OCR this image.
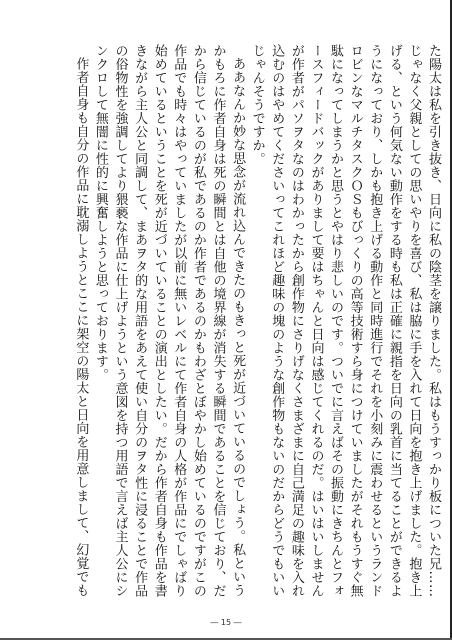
た陽太は私を引き抜き、日向に私の陰茎を譲りました。私はもうすっかり板についた兄……じゃなく父親としての思いやりを喜び、私は脇に手を入れて日向を抱き上げました。抱き上げる、という何気ない動作をする時も私は正確に親指を日向の乳首に当てることができるようになっており、しかも抱き上げる動作と同時進行でそれを小刻みに震わせるというランドロビンなマルチタスクＯＳもびっくりの高等技術すら身につけていましたがそれもうすぐ無駄になってしまうかと思うとやはり悲しいのです。ついでに言えばその振動にきちんとフォースフィードバックがありまして要はちゃんと日向は感じてくれるのだ。はいはいしませんが作者がパソヲタなのはわかったから創作物にさりげなくさまざまに自己満足の趣味を入れ込むのはやめてくださいってこれほど趣味の塊のような創作物もないのだからどうでもいいじゃんそうですか。

ああなんか妙な思念が流れ込んできたのもきっと死が近づいているのでしょう。私というかもろに作者自身は死の瞬間とは自他の境界線が消失する瞬間であることを信じており、だから信じているのが私であるのか作者であるのかもわざとぼやかし始めているのですがこの作品でも時々はやっていましたが以前に無いレベルにて作者自身の人格が作品にでしゃばり始めているということを死が近づいていることの演出としたい。だから作者自身も作品を書きながら主人公と同調して、まあヲタ的な用語をあえて使い自分のヲタ性に浸ることで作品の俗物性を強調してより猥褻な作品に仕上げようという意図を持つ用語で言えば主人公にシンクロして無闇に性的に興奮しようと思っております。

作者自身も自分の作品に耽溺しようとここに架空の陽太と日向を用意しまして、幻覚でも

― 15 ―
